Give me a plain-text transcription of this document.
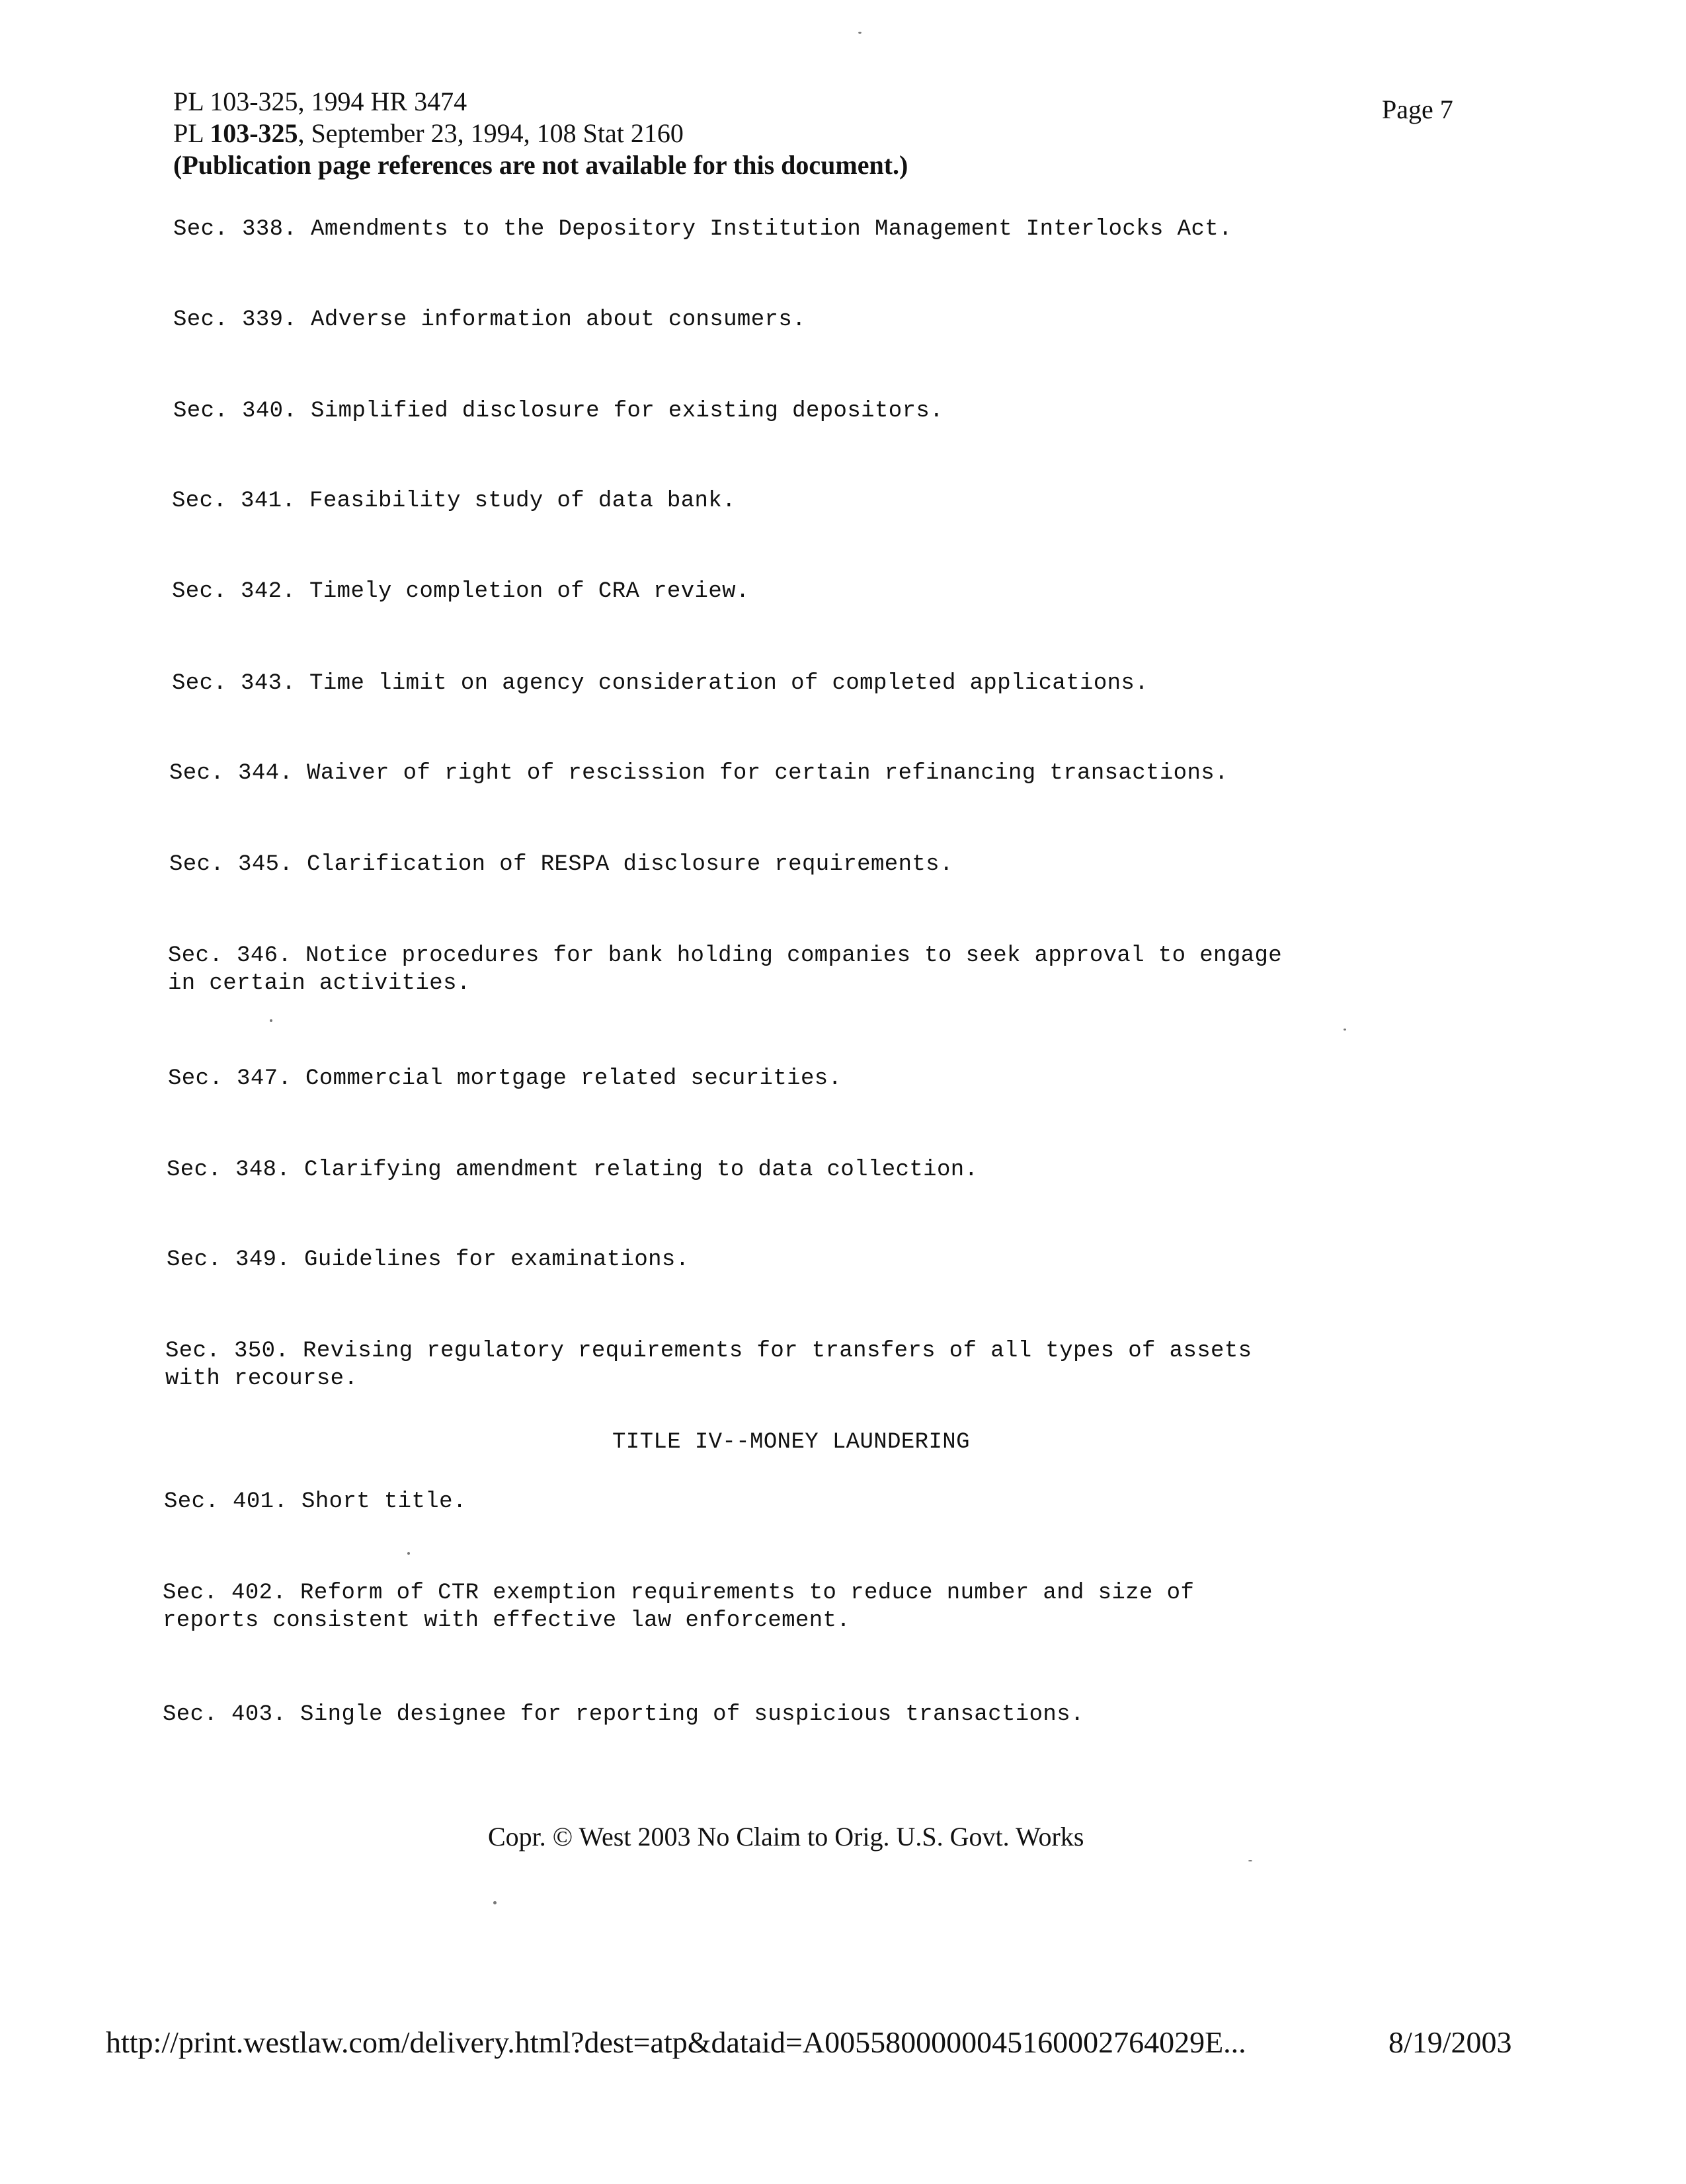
PL 103-325, 1994 HR 3474
PL 103-325, September 23, 1994, 108 Stat 2160
(Publication page references are not available for this document.)
Page 7
Sec. 338. Amendments to the Depository Institution Management Interlocks Act.
Sec. 339. Adverse information about consumers.
Sec. 340. Simplified disclosure for existing depositors.
Sec. 341. Feasibility study of data bank.
Sec. 342. Timely completion of CRA review.
Sec. 343. Time limit on agency consideration of completed applications.
Sec. 344. Waiver of right of rescission for certain refinancing transactions.
Sec. 345. Clarification of RESPA disclosure requirements.
Sec. 346. Notice procedures for bank holding companies to seek approval to engage
in certain activities.
Sec. 347. Commercial mortgage related securities.
Sec. 348. Clarifying amendment relating to data collection.
Sec. 349. Guidelines for examinations.
Sec. 350. Revising regulatory requirements for transfers of all types of assets
with recourse.
TITLE IV--MONEY LAUNDERING
Sec. 401. Short title.
Sec. 402. Reform of CTR exemption requirements to reduce number and size of
reports consistent with effective law enforcement.
Sec. 403. Single designee for reporting of suspicious transactions.
Copr. © West 2003 No Claim to Orig. U.S. Govt. Works
http://print.westlaw.com/delivery.html?dest=atp&dataid=A0055800000045160002764029E...	8/19/2003
